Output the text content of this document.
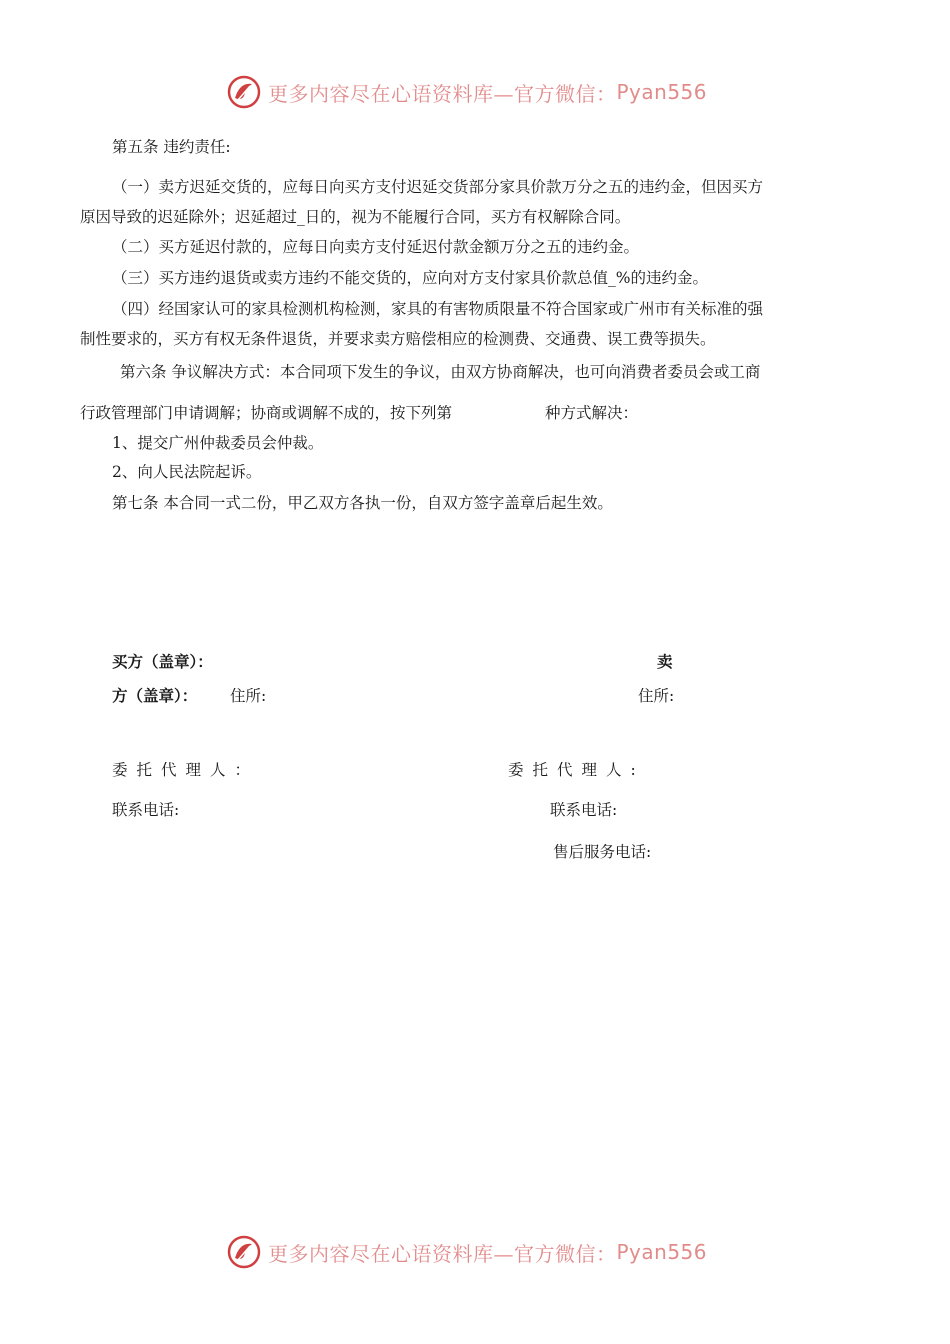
更多内容尽在心语资料库—官方微信： Pyan556
第五条 违约责任:
（一）卖方迟延交货的，应每日向买方支付迟延交货部分家具价款万分之五的违约金，但因买方
原因导致的迟延除外；迟延超过_日的，视为不能履行合同，买方有权解除合同。
（二）买方延迟付款的，应每日向卖方支付延迟付款金额万分之五的违约金。
（三）买方违约退货或卖方违约不能交货的，应向对方支付家具价款总值_%的违约金。
（四）经国家认可的家具检测机构检测，家具的有害物质限量不符合国家或广州市有关标准的强
制性要求的，买方有权无条件退货，并要求卖方赔偿相应的检测费、交通费、误工费等损失。
第六条 争议解决方式：本合同项下发生的争议，由双方协商解决，也可向消费者委员会或工商
行政管理部门申请调解；协商或调解不成的，按下列第	种方式解决：
1、提交广州仲裁委员会仲裁。
2、向人民法院起诉。
第七条 本合同一式二份，甲乙双方各执一份，自双方签字盖章后起生效。
买方（盖章）：	卖
方（盖章）： 住所:	住所:
委托代理人：	委托代理人:
联系电话:	联系电话:
售后服务电话:
更多内容尽在心语资料库—官方微信： Pyan556
